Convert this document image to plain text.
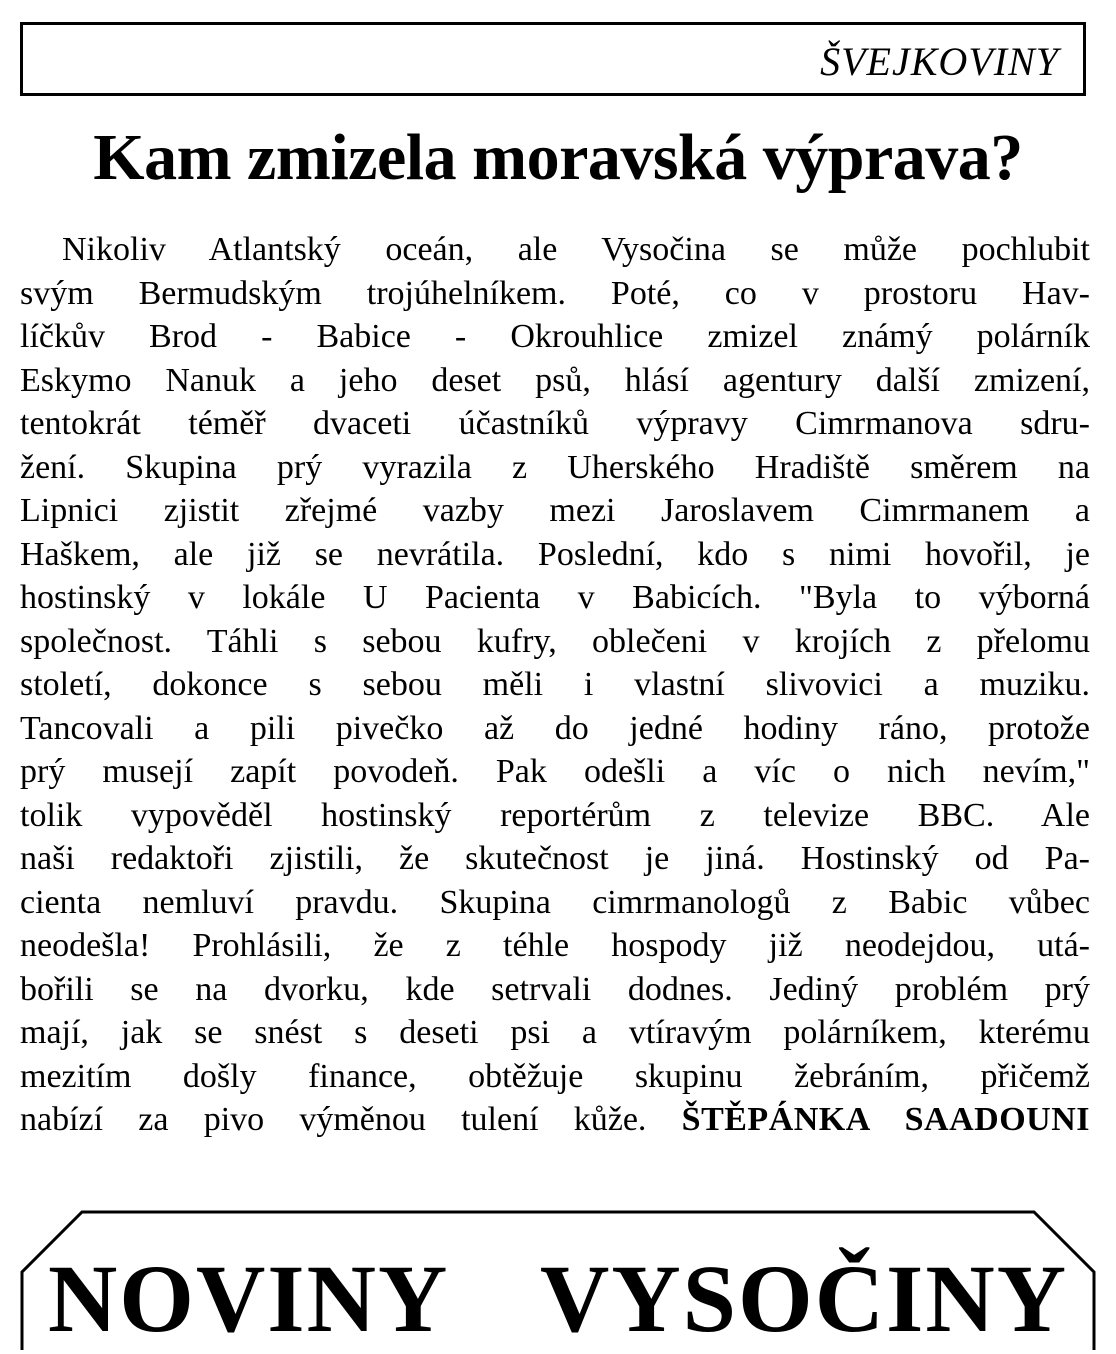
ŠVEJKOVINY
Kam zmizela moravská výprava?
Nikoliv Atlantský oceán, ale Vysočina se může pochlubit
svým Bermudským trojúhelníkem. Poté, co v prostoru Hav-
líčkův Brod - Babice - Okrouhlice zmizel známý polárník
Eskymo Nanuk a jeho deset psů, hlásí agentury další zmizení,
tentokrát téměř dvaceti účastníků výpravy Cimrmanova sdru-
žení. Skupina prý vyrazila z Uherského Hradiště směrem na
Lipnici zjistit zřejmé vazby mezi Jaroslavem Cimrmanem a
Haškem, ale již se nevrátila. Poslední, kdo s nimi hovořil, je
hostinský v lokále U Pacienta v Babicích. "Byla to výborná
společnost. Táhli s sebou kufry, oblečeni v krojích z přelomu
století, dokonce s sebou měli i vlastní slivovici a muziku.
Tancovali a pili pivečko až do jedné hodiny ráno, protože
prý musejí zapít povodeň. Pak odešli a víc o nich nevím,"
tolik vypověděl hostinský reportérům z televize BBC. Ale
naši redaktoři zjistili, že skutečnost je jiná. Hostinský od Pa-
cienta nemluví pravdu. Skupina cimrmanologů z Babic vůbec
neodešla! Prohlásili, že z téhle hospody již neodejdou, utá-
bořili se na dvorku, kde setrvali dodnes. Jediný problém prý
mají, jak se snést s deseti psi a vtíravým polárníkem, kterému
mezitím došly finance, obtěžuje skupinu žebráním, přičemž
nabízí za pivo výměnou tulení kůže. ŠTĚPÁNKA SAADOUNI
NOVINY VYSOČINY
